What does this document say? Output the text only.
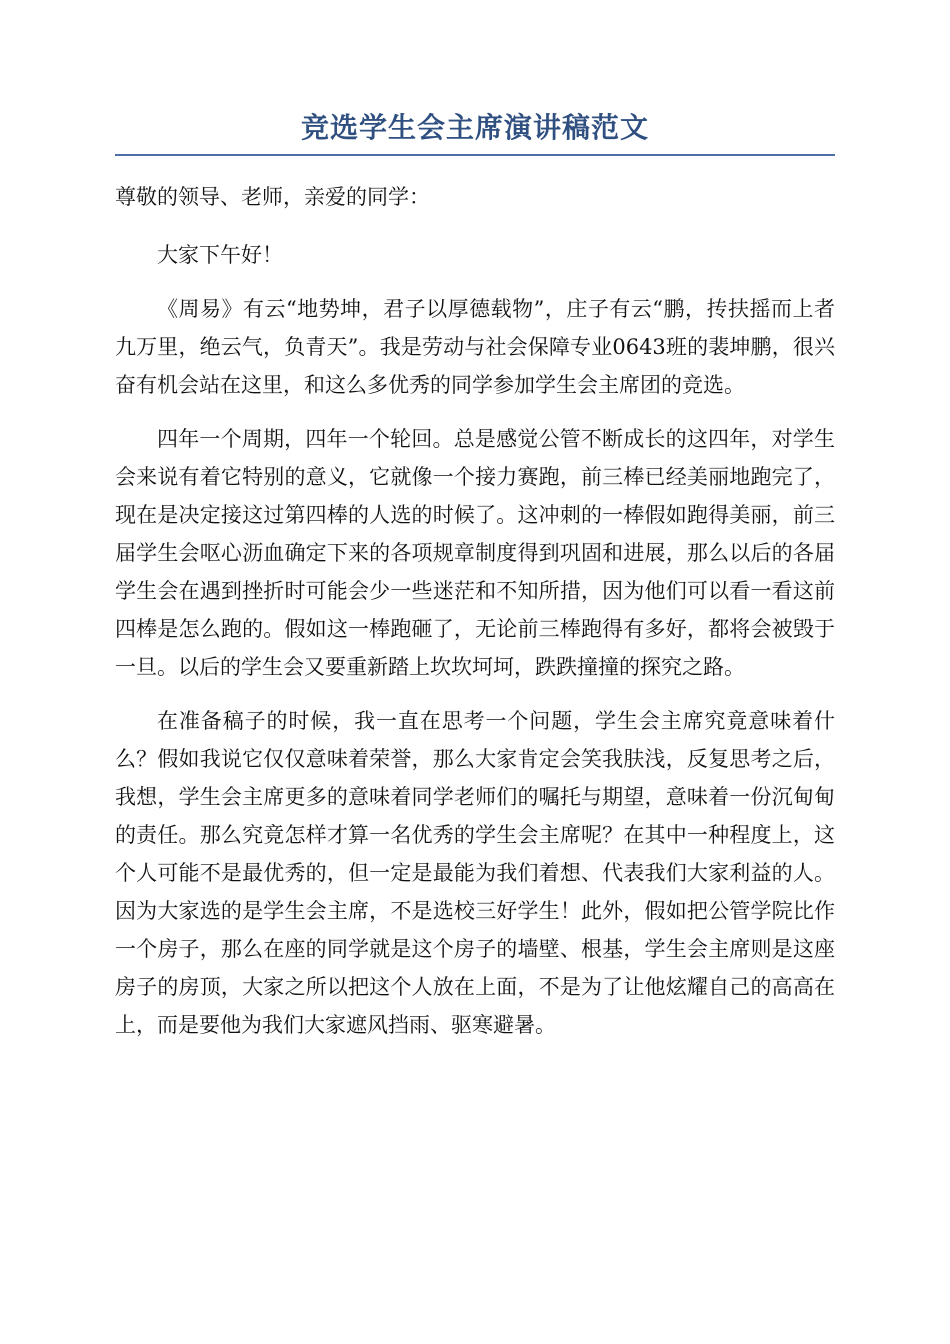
竞选学生会主席演讲稿范文

尊敬的领导、老师，亲爱的同学：

大家下午好！

《周易》有云“地势坤，君子以厚德载物”，庄子有云“鹏，抟扶摇而上者九万里，绝云气，负青天”。我是劳动与社会保障专业0643班的裴坤鹏，很兴奋有机会站在这里，和这么多优秀的同学参加学生会主席团的竞选。

四年一个周期，四年一个轮回。总是感觉公管不断成长的这四年，对学生会来说有着它特别的意义，它就像一个接力赛跑，前三棒已经美丽地跑完了，现在是决定接这过第四棒的人选的时候了。这冲刺的一棒假如跑得美丽，前三届学生会呕心沥血确定下来的各项规章制度得到巩固和进展，那么以后的各届学生会在遇到挫折时可能会少一些迷茫和不知所措，因为他们可以看一看这前四棒是怎么跑的。假如这一棒跑砸了，无论前三棒跑得有多好，都将会被毁于一旦。以后的学生会又要重新踏上坎坎坷坷，跌跌撞撞的探究之路。

在准备稿子的时候，我一直在思考一个问题，学生会主席究竟意味着什么？假如我说它仅仅意味着荣誉，那么大家肯定会笑我肤浅，反复思考之后，我想，学生会主席更多的意味着同学老师们的嘱托与期望，意味着一份沉甸甸的责任。那么究竟怎样才算一名优秀的学生会主席呢？在其中一种程度上，这个人可能不是最优秀的，但一定是最能为我们着想、代表我们大家利益的人。因为大家选的是学生会主席，不是选校三好学生！此外，假如把公管学院比作一个房子，那么在座的同学就是这个房子的墙壁、根基，学生会主席则是这座房子的房顶，大家之所以把这个人放在上面，不是为了让他炫耀自己的高高在上，而是要他为我们大家遮风挡雨、驱寒避暑。
